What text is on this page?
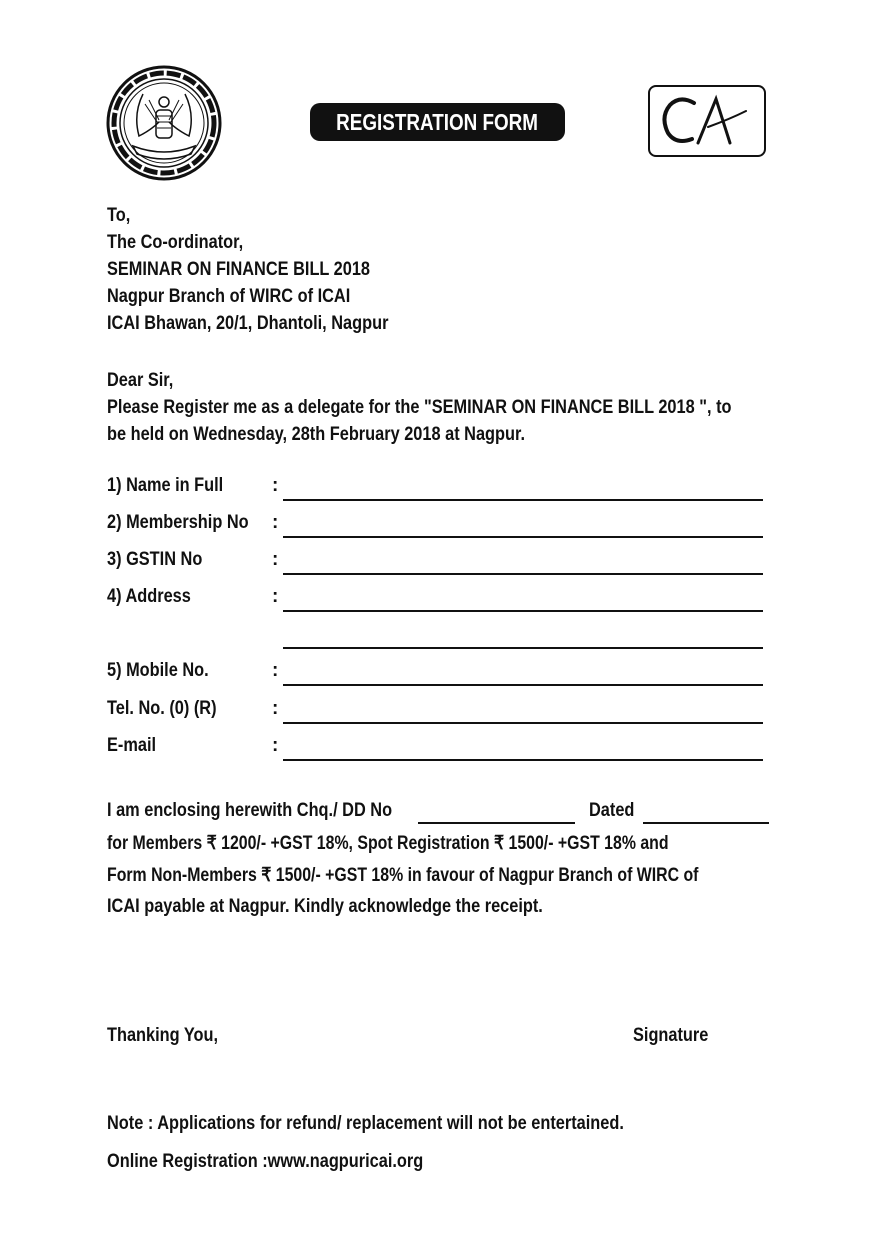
REGISTRATION FORM
To,
The Co-ordinator,
SEMINAR ON FINANCE BILL 2018
Nagpur Branch of WIRC of ICAI
ICAI Bhawan, 20/1, Dhantoli, Nagpur
Dear Sir,
Please Register me as a delegate for the "SEMINAR ON FINANCE BILL 2018 ", to
be held on Wednesday, 28th February 2018 at Nagpur.
1) Name in Full	:
2) Membership No :
3) GSTIN No	:
4) Address	:
5) Mobile No.	:
Tel. No. (0) (R)	:
E-mail	:
I am enclosing herewith Chq./ DD No	Dated
for Members ₹ 1200/- +GST 18%, Spot Registration ₹ 1500/- +GST 18% and
Form Non-Members ₹ 1500/- +GST 18% in favour of Nagpur Branch of WIRC of
ICAI payable at Nagpur. Kindly acknowledge the receipt.
Thanking You,	Signature
Note : Applications for refund/ replacement will not be entertained.
Online Registration :www.nagpuricai.org
